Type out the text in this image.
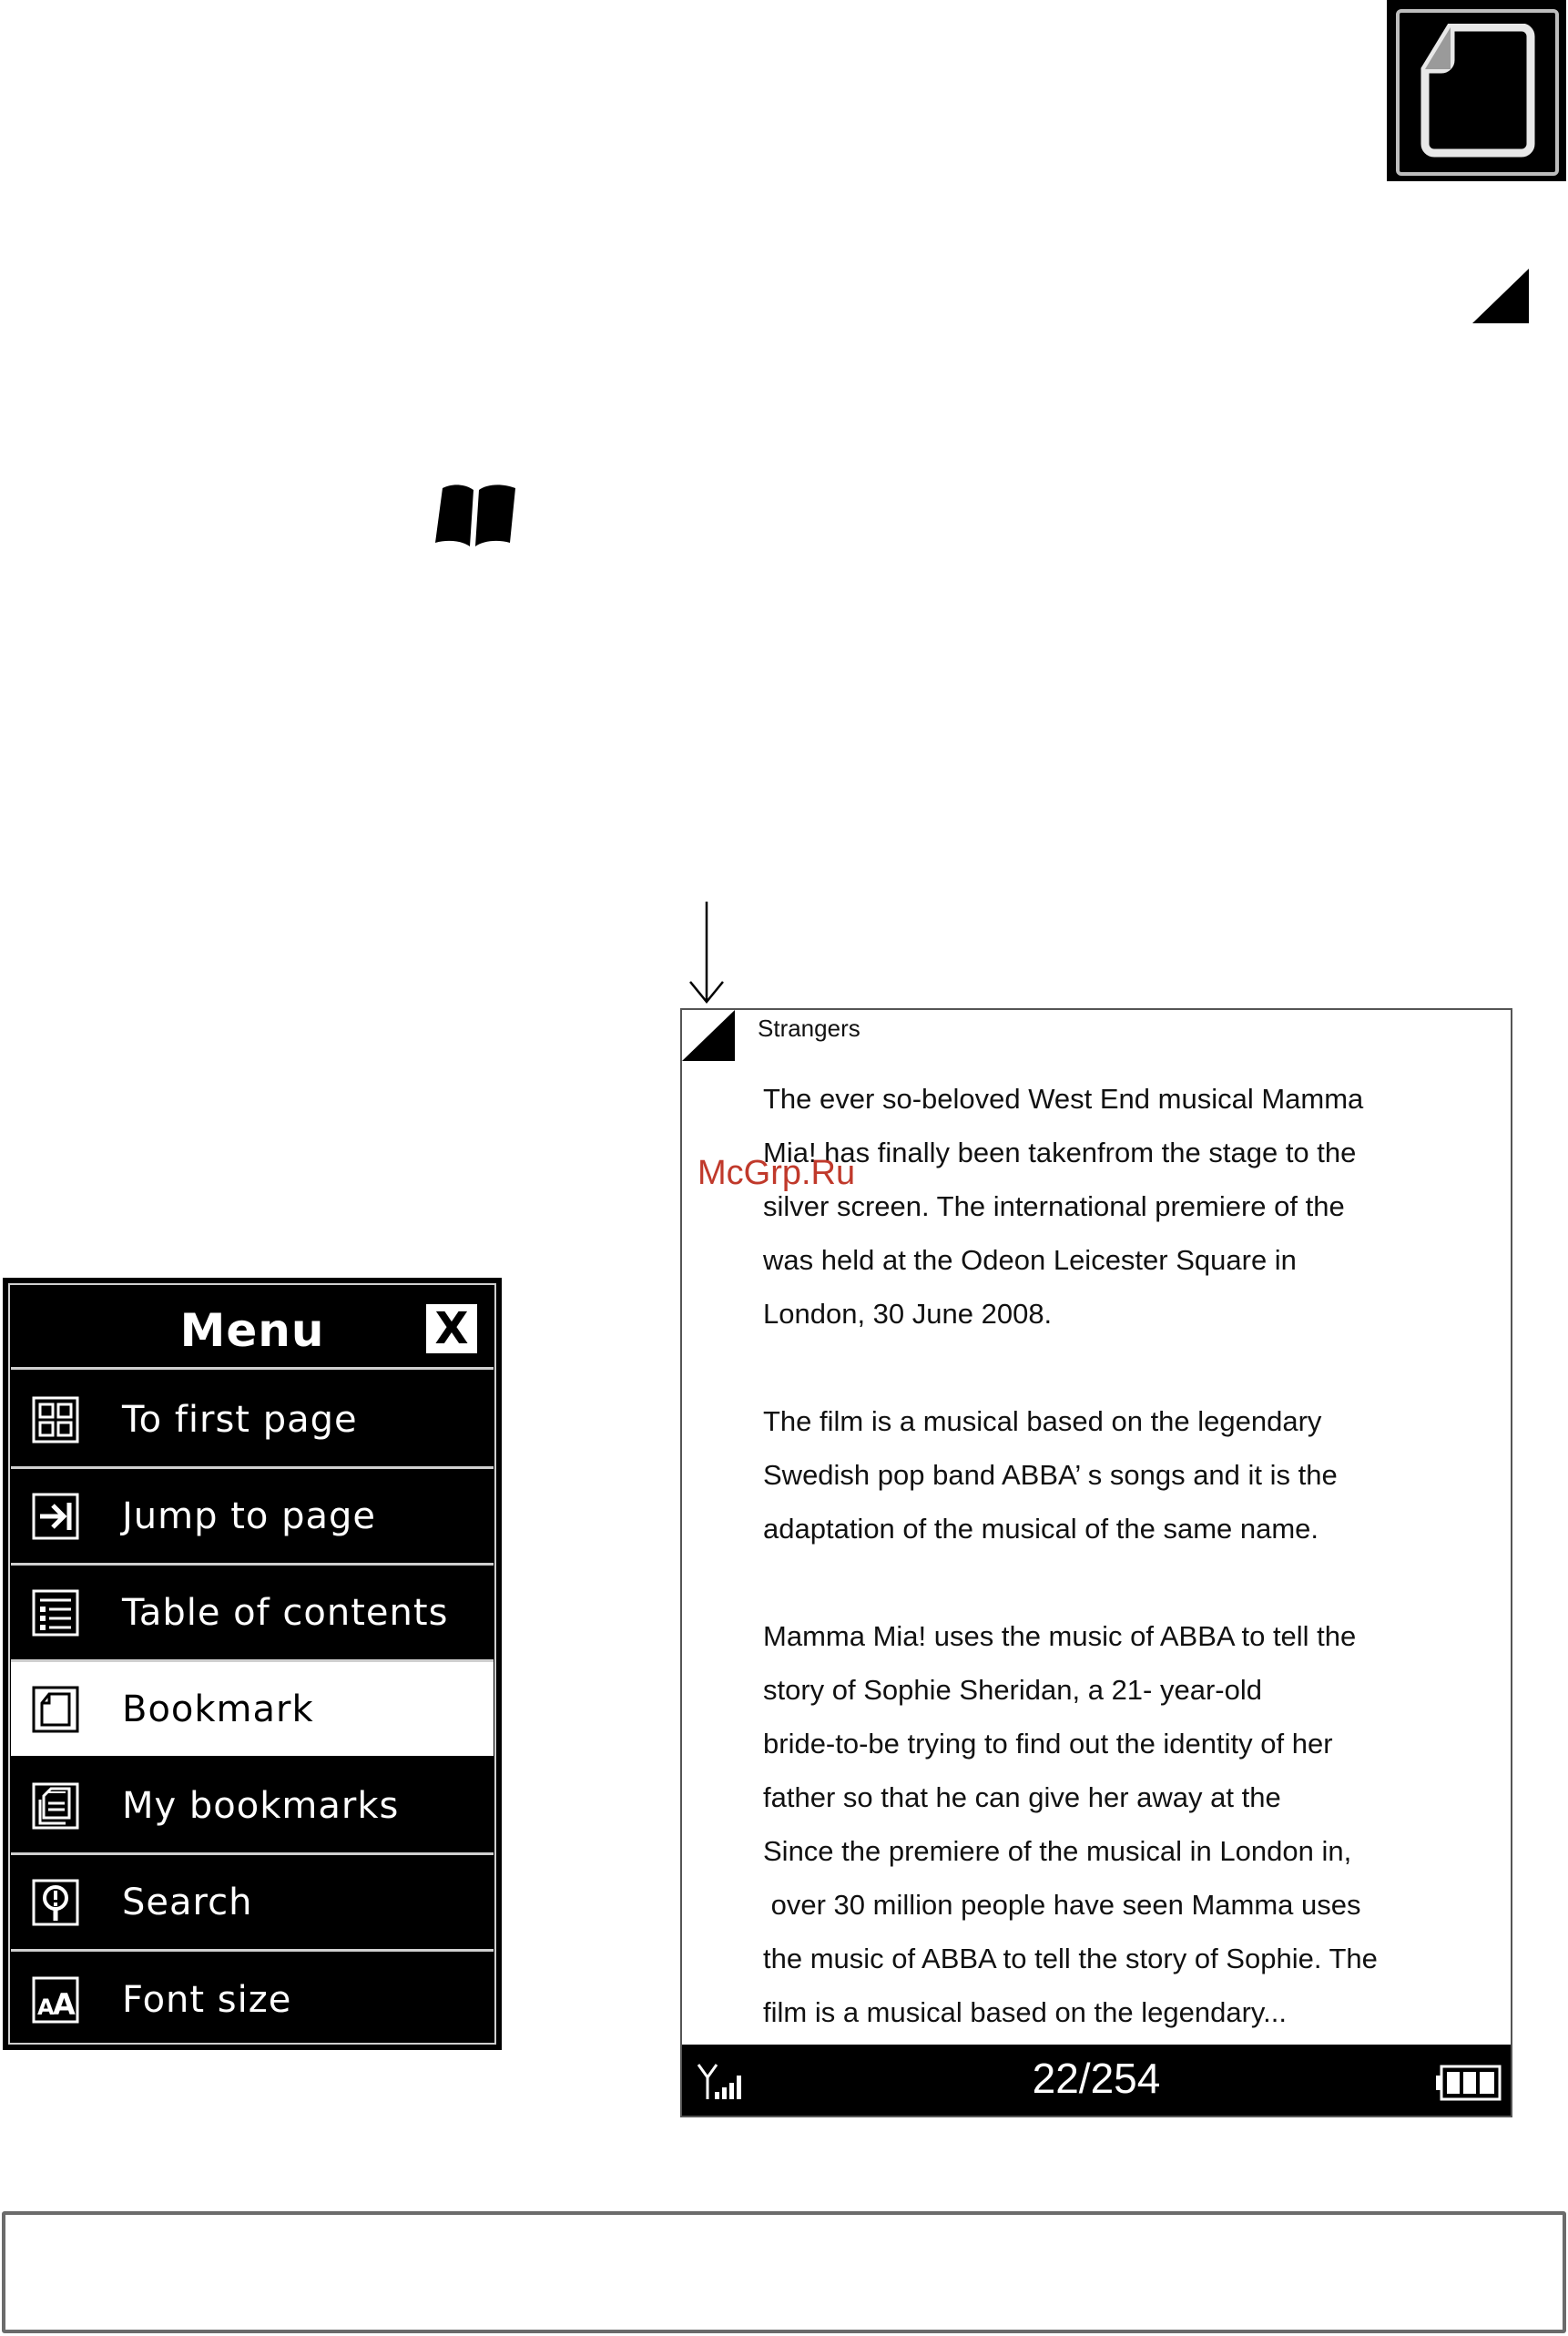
Menu	X
To first page
Jump to page
Table of contents
Bookmark
My bookmarks
Search
A
A Font size
Strangers

The ever so-beloved West End musical Mamma

Mia! has finally been takenfrom the stage to the

silver screen. The international premiere of the

was held at the Odeon Leicester Square in

London, 30 June 2008.

The film is a musical based on the legendary

Swedish pop band ABBA’ s songs and it is the

adaptation of the musical of the same name.

Mamma Mia! uses the music of ABBA to tell the

story of Sophie Sheridan, a 21- year-old

bride-to-be trying to find out the identity of her

father so that he can give her away at the

Since the premiere of the musical in London in,

over 30 million people have seen Mamma uses

the music of ABBA to tell the story of Sophie. The

film is a musical based on the legendary...

22/254
McGrp.Ru
